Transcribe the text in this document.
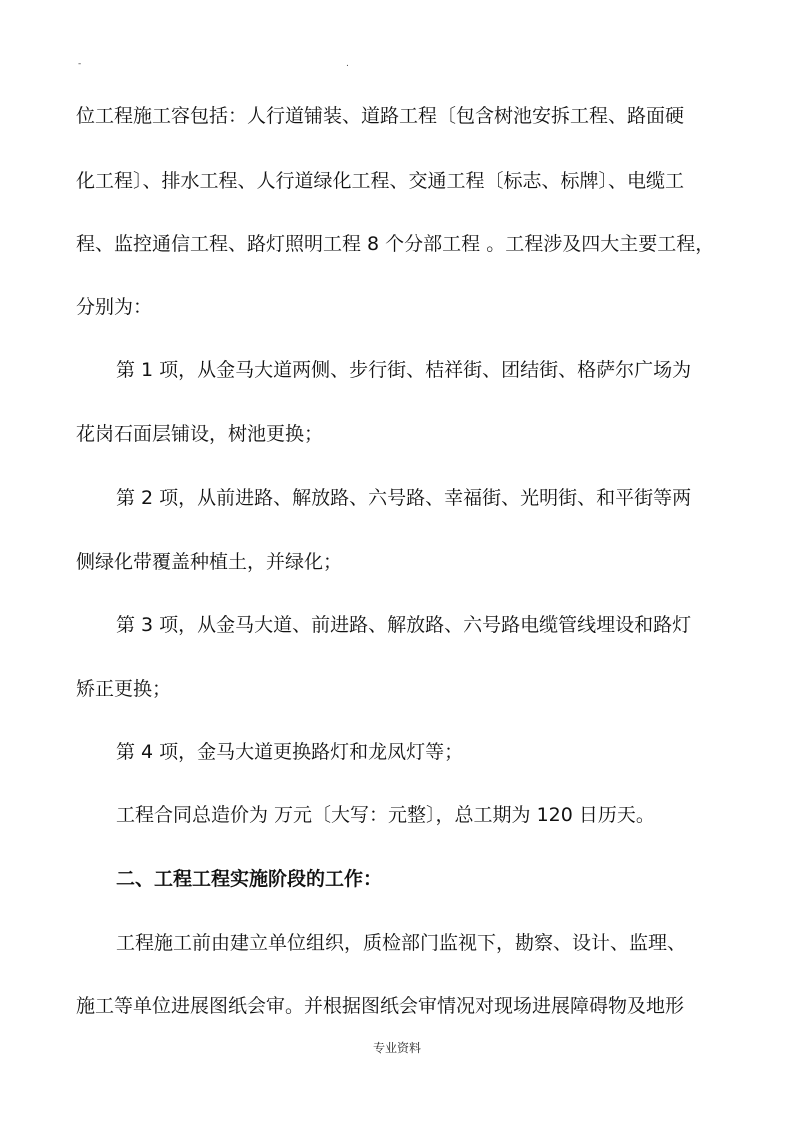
-	.
位工程施工容包括：人行道铺装、道路工程〔包含树池安拆工程、路面硬
化工程〕、排水工程、人行道绿化工程、交通工程〔标志、标牌〕、电缆工
程、监控通信工程、路灯照明工程 8 个分部工程 。工程涉及四大主要工程，
分别为：
第 1 项，从金马大道两侧、步行街、桔祥街、团结街、格萨尔广场为
花岗石面层铺设，树池更换；
第 2 项，从前进路、解放路、六号路、幸福街、光明街、和平街等两
侧绿化带覆盖种植土，并绿化；
第 3 项，从金马大道、前进路、解放路、六号路电缆管线埋设和路灯
矫正更换；
第 4 项，金马大道更换路灯和龙凤灯等；
工程合同总造价为 万元〔大写：元整〕，总工期为 120 日历天。
二、工程工程实施阶段的工作：
工程施工前由建立单位组织，质检部门监视下，勘察、设计、监理、
施工等单位进展图纸会审。并根据图纸会审情况对现场进展障碍物及地形
专业资料
